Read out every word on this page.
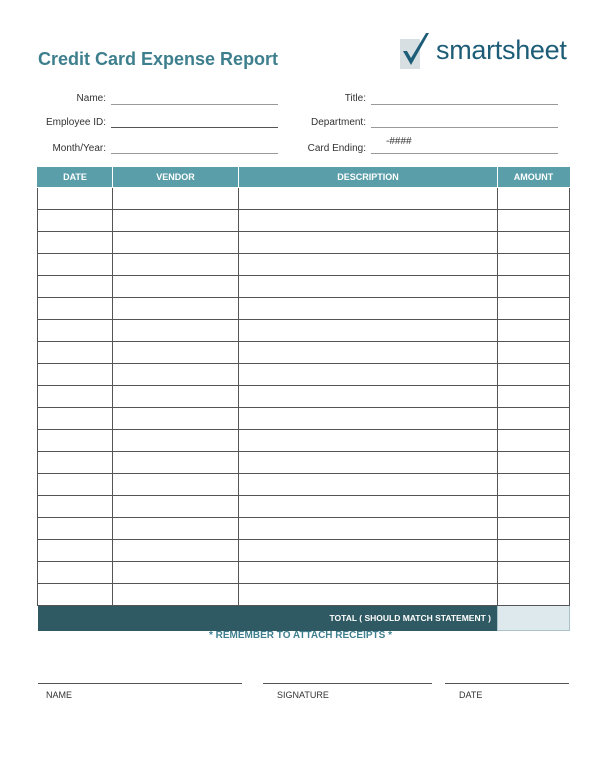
Credit Card Expense Report	smartsheet
Name:
Employee ID:
Month/Year:
Title:
Department:
Card Ending:
-####
DATE	VENDOR	DESCRIPTION	AMOUNT

TOTAL ( SHOULD MATCH STATEMENT )			
* REMEMBER TO ATTACH RECEIPTS *
NAME	SIGNATURE	DATE
